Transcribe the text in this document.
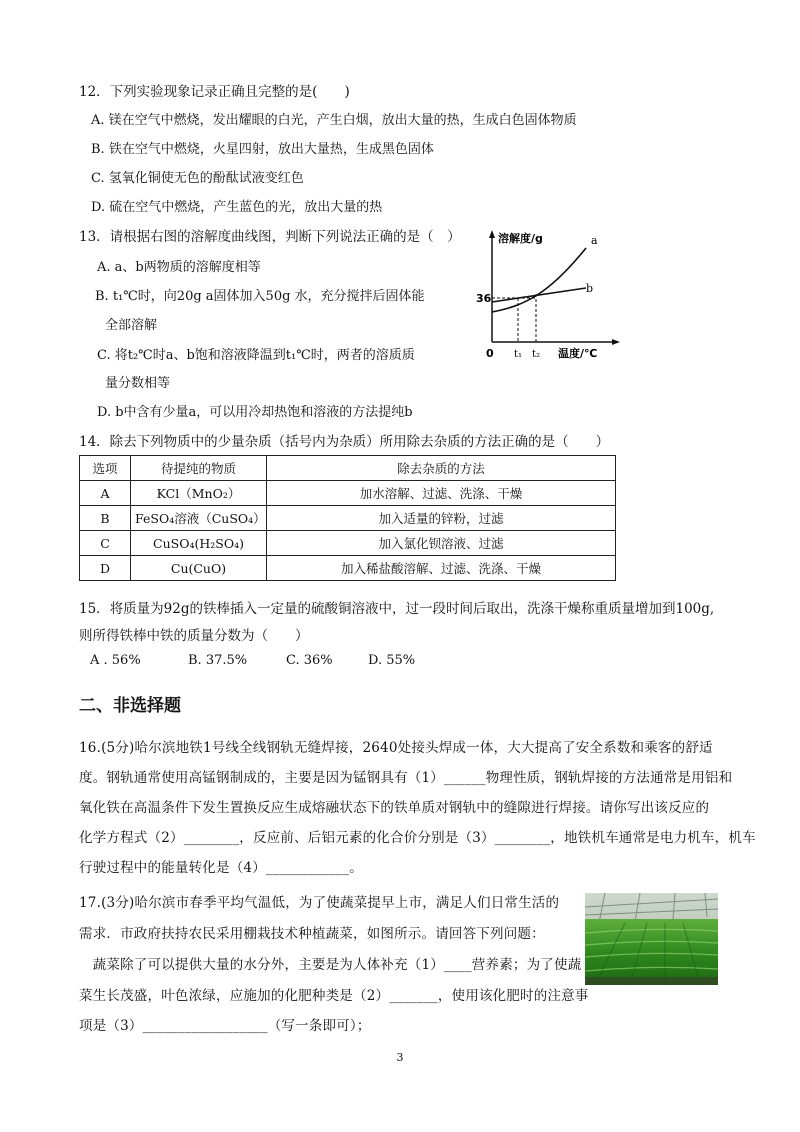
12．下列实验现象记录正确且完整的是(　　)
A. 镁在空气中燃烧，发出耀眼的白光，产生白烟，放出大量的热，生成白色固体物质
B. 铁在空气中燃烧，火星四射，放出大量热，生成黑色固体
C. 氢氧化铜使无色的酚酞试液变红色
D. 硫在空气中燃烧，产生蓝色的光，放出大量的热
13．请根据右图的溶解度曲线图，判断下列说法正确的是（　）
A. a、b两物质的溶解度相等
B. t₁℃时，向20g a固体加入50g 水，充分搅拌后固体能
全部溶解
C. 将t₂℃时a、b饱和溶液降温到t₁℃时，两者的溶质质
量分数相等
D. b中含有少量a，可以用冷却热饱和溶液的方法提纯b
溶解度/g	a
b
36
0 t₁ t₂ 温度/℃
14．除去下列物质中的少量杂质（括号内为杂质）所用除去杂质的方法正确的是（　　）
选项	待提纯的物质	除去杂质的方法
A	KCl（MnO₂）	加水溶解、过滤、洗涤、干燥
B	FeSO₄溶液（CuSO₄）	加入适量的锌粉，过滤
C	CuSO₄(H₂SO₄)	加入氯化钡溶液、过滤
D	Cu(CuO)	加入稀盐酸溶解、过滤、洗涤、干燥
15．将质量为92g的铁棒插入一定量的硫酸铜溶液中，过一段时间后取出，洗涤干燥称重质量增加到100g,
则所得铁棒中铁的质量分数为（　　）
A . 56%	B. 37.5%	C. 36%	D. 55%
二、非选择题
16.(5分)哈尔滨地铁1号线全线钢轨无缝焊接，2640处接头焊成一体，大大提高了安全系数和乘客的舒适
度。钢轨通常使用高锰钢制成的，主要是因为锰钢具有（1）______物理性质，钢轨焊接的方法通常是用铝和
氧化铁在高温条件下发生置换反应生成熔融状态下的铁单质对钢轨中的缝隙进行焊接。请你写出该反应的
化学方程式（2）________，反应前、后铝元素的化合价分别是（3）________，地铁机车通常是电力机车，机车
行驶过程中的能量转化是（4）____________。
17.(3分)哈尔滨市春季平均气温低，为了使蔬菜提早上市，满足人们日常生活的
需求．市政府扶持农民采用棚栽技术种植蔬菜，如图所示。请回答下列问题：
　蔬菜除了可以提供大量的水分外，主要是为人体补充（1）____营养素；为了使蔬
菜生长茂盛，叶色浓绿，应施加的化肥种类是（2）_______，使用该化肥时的注意事
项是（3）__________________（写一条即可）；
3
